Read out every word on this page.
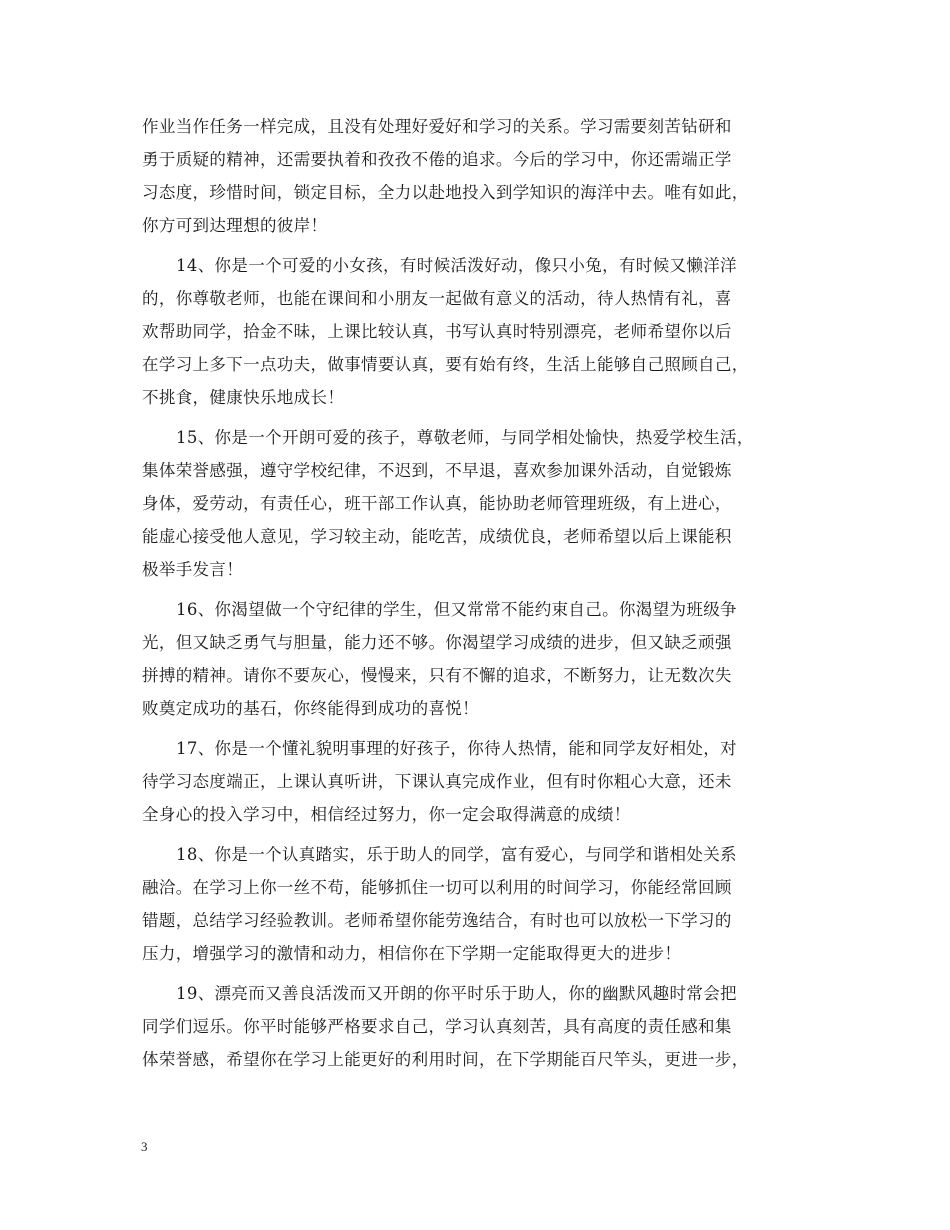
作业当作任务一样完成，且没有处理好爱好和学习的关系。学习需要刻苦钻研和
勇于质疑的精神，还需要执着和孜孜不倦的追求。今后的学习中，你还需端正学
习态度，珍惜时间，锁定目标，全力以赴地投入到学知识的海洋中去。唯有如此，
你方可到达理想的彼岸！
14、你是一个可爱的小女孩，有时候活泼好动，像只小兔，有时候又懒洋洋
的，你尊敬老师，也能在课间和小朋友一起做有意义的活动，待人热情有礼，喜
欢帮助同学，拾金不昧，上课比较认真，书写认真时特别漂亮，老师希望你以后
在学习上多下一点功夫，做事情要认真，要有始有终，生活上能够自己照顾自己，
不挑食，健康快乐地成长！
15、你是一个开朗可爱的孩子，尊敬老师，与同学相处愉快，热爱学校生活，
集体荣誉感强，遵守学校纪律，不迟到，不早退，喜欢参加课外活动，自觉锻炼
身体，爱劳动，有责任心，班干部工作认真，能协助老师管理班级，有上进心，
能虚心接受他人意见，学习较主动，能吃苦，成绩优良，老师希望以后上课能积
极举手发言！
16、你渴望做一个守纪律的学生，但又常常不能约束自己。你渴望为班级争
光，但又缺乏勇气与胆量，能力还不够。你渴望学习成绩的进步，但又缺乏顽强
拼搏的精神。请你不要灰心，慢慢来，只有不懈的追求，不断努力，让无数次失
败奠定成功的基石，你终能得到成功的喜悦！
17、你是一个懂礼貌明事理的好孩子，你待人热情，能和同学友好相处，对
待学习态度端正，上课认真听讲，下课认真完成作业，但有时你粗心大意，还未
全身心的投入学习中，相信经过努力，你一定会取得满意的成绩！
18、你是一个认真踏实，乐于助人的同学，富有爱心，与同学和谐相处关系
融洽。在学习上你一丝不苟，能够抓住一切可以利用的时间学习，你能经常回顾
错题，总结学习经验教训。老师希望你能劳逸结合，有时也可以放松一下学习的
压力，增强学习的激情和动力，相信你在下学期一定能取得更大的进步！
19、漂亮而又善良活泼而又开朗的你平时乐于助人，你的幽默风趣时常会把
同学们逗乐。你平时能够严格要求自己，学习认真刻苦，具有高度的责任感和集
体荣誉感，希望你在学习上能更好的利用时间，在下学期能百尺竿头，更进一步，
3
